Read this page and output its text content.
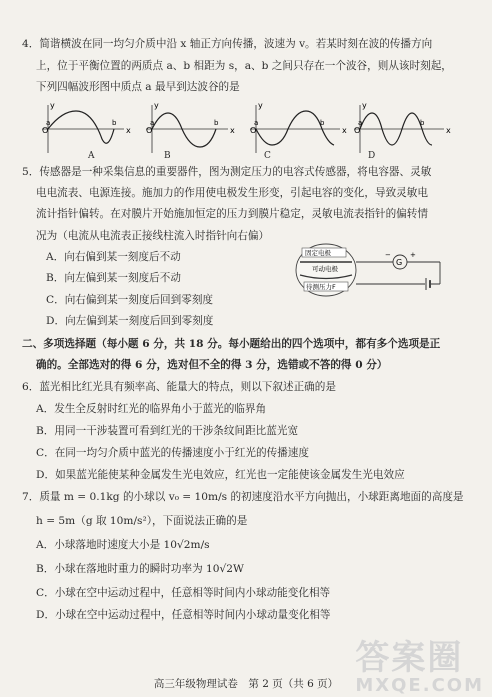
4．简谐横波在同一均匀介质中沿 x 轴正方向传播，波速为 v。若某时刻在波的传播方向
上，位于平衡位置的两质点 a、b 相距为 s，a、b 之间只存在一个波谷，则从该时刻起，
下列四幅波形图中质点 a 最早到达波谷的是
O	x
y
a	b
O	x
y
a	b
O	x
y
a	b
O	x
y
a	b
A	B	C	D
5．传感器是一种采集信息的重要器件，图为测定压力的电容式传感器，将电容器、灵敏
电电流表、电源连接。施加力的作用使电极发生形变，引起电容的变化，导致灵敏电
流计指针偏转。在对膜片开始施加恒定的压力到膜片稳定，灵敏电流表指针的偏转情
况为（电流从电流表正接线柱流入时指针向右偏）
A．向右偏到某一刻度后不动
B．向左偏到某一刻度后不动
C．向右偏到某一刻度后回到零刻度
D．向左偏到某一刻度后回到零刻度
固定电极
可动电极
待测压力F
G
−	+
二、多项选择题（每小题 6 分，共 18 分。每小题给出的四个选项中，都有多个选项是正
确的。全部选对的得 6 分，选对但不全的得 3 分，选错或不答的得 0 分）
6．蓝光相比红光具有频率高、能量大的特点，则以下叙述正确的是
A．发生全反射时红光的临界角小于蓝光的临界角
B．用同一干涉装置可看到红光的干涉条纹间距比蓝光宽
C．在同一均匀介质中蓝光的传播速度小于红光的传播速度
D．如果蓝光能使某种金属发生光电效应，红光也一定能使该金属发生光电效应
7．质量 m = 0.1kg 的小球以 v₀ = 10m/s 的初速度沿水平方向抛出，小球距离地面的高度是
h = 5m（g 取 10m/s²），下面说法正确的是
A．小球落地时速度大小是 10√2m/s
B．小球在落地时重力的瞬时功率为 10√2W
C．小球在空中运动过程中，任意相等时间内小球动能变化相等
D．小球在空中运动过程中，任意相等时间内小球动量变化相等
答案圈
MXQE.COM
高三年级物理试卷　第 2 页（共 6 页）
